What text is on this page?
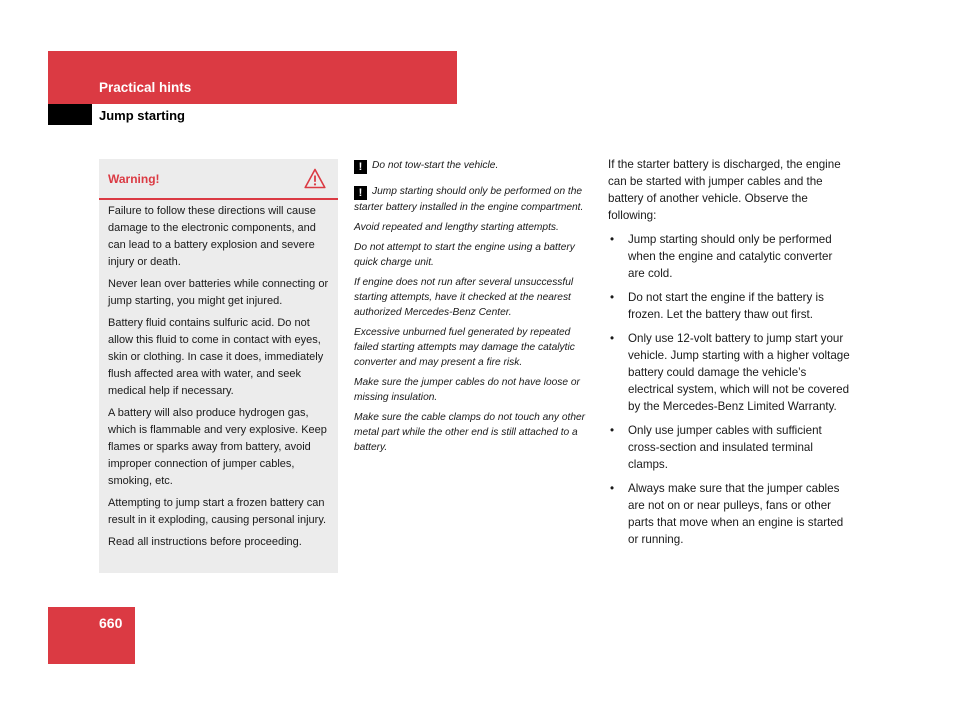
Practical hints
Jump starting
Warning!

Failure to follow these directions will cause damage to the electronic components, and can lead to a battery explosion and severe injury or death.

Never lean over batteries while connecting or jump starting, you might get injured.

Battery fluid contains sulfuric acid. Do not allow this fluid to come in contact with eyes, skin or clothing. In case it does, immediately flush affected area with water, and seek medical help if necessary.

A battery will also produce hydrogen gas, which is flammable and very explosive. Keep flames or sparks away from battery, avoid improper connection of jumper cables, smoking, etc.

Attempting to jump start a frozen battery can result in it exploding, causing personal injury.

Read all instructions before proceeding.

! Do not tow-start the vehicle.

! Jump starting should only be performed on the starter battery installed in the engine compartment.

Avoid repeated and lengthy starting attempts.

Do not attempt to start the engine using a battery quick charge unit.

If engine does not run after several unsuccessful starting attempts, have it checked at the nearest authorized Mercedes-Benz Center.

Excessive unburned fuel generated by repeated failed starting attempts may damage the catalytic converter and may present a fire risk.

Make sure the jumper cables do not have loose or missing insulation.

Make sure the cable clamps do not touch any other metal part while the other end is still attached to a battery.

If the starter battery is discharged, the engine can be started with jumper cables and the battery of another vehicle. Observe the following:

• Jump starting should only be performed when the engine and catalytic converter are cold.
• Do not start the engine if the battery is frozen. Let the battery thaw out first.
• Only use 12-volt battery to jump start your vehicle. Jump starting with a higher voltage battery could damage the vehicle’s electrical system, which will not be covered by the Mercedes-Benz Limited Warranty.
• Only use jumper cables with sufficient cross-section and insulated terminal clamps.
• Always make sure that the jumper cables are not on or near pulleys, fans or other parts that move when an engine is started or running.
660
